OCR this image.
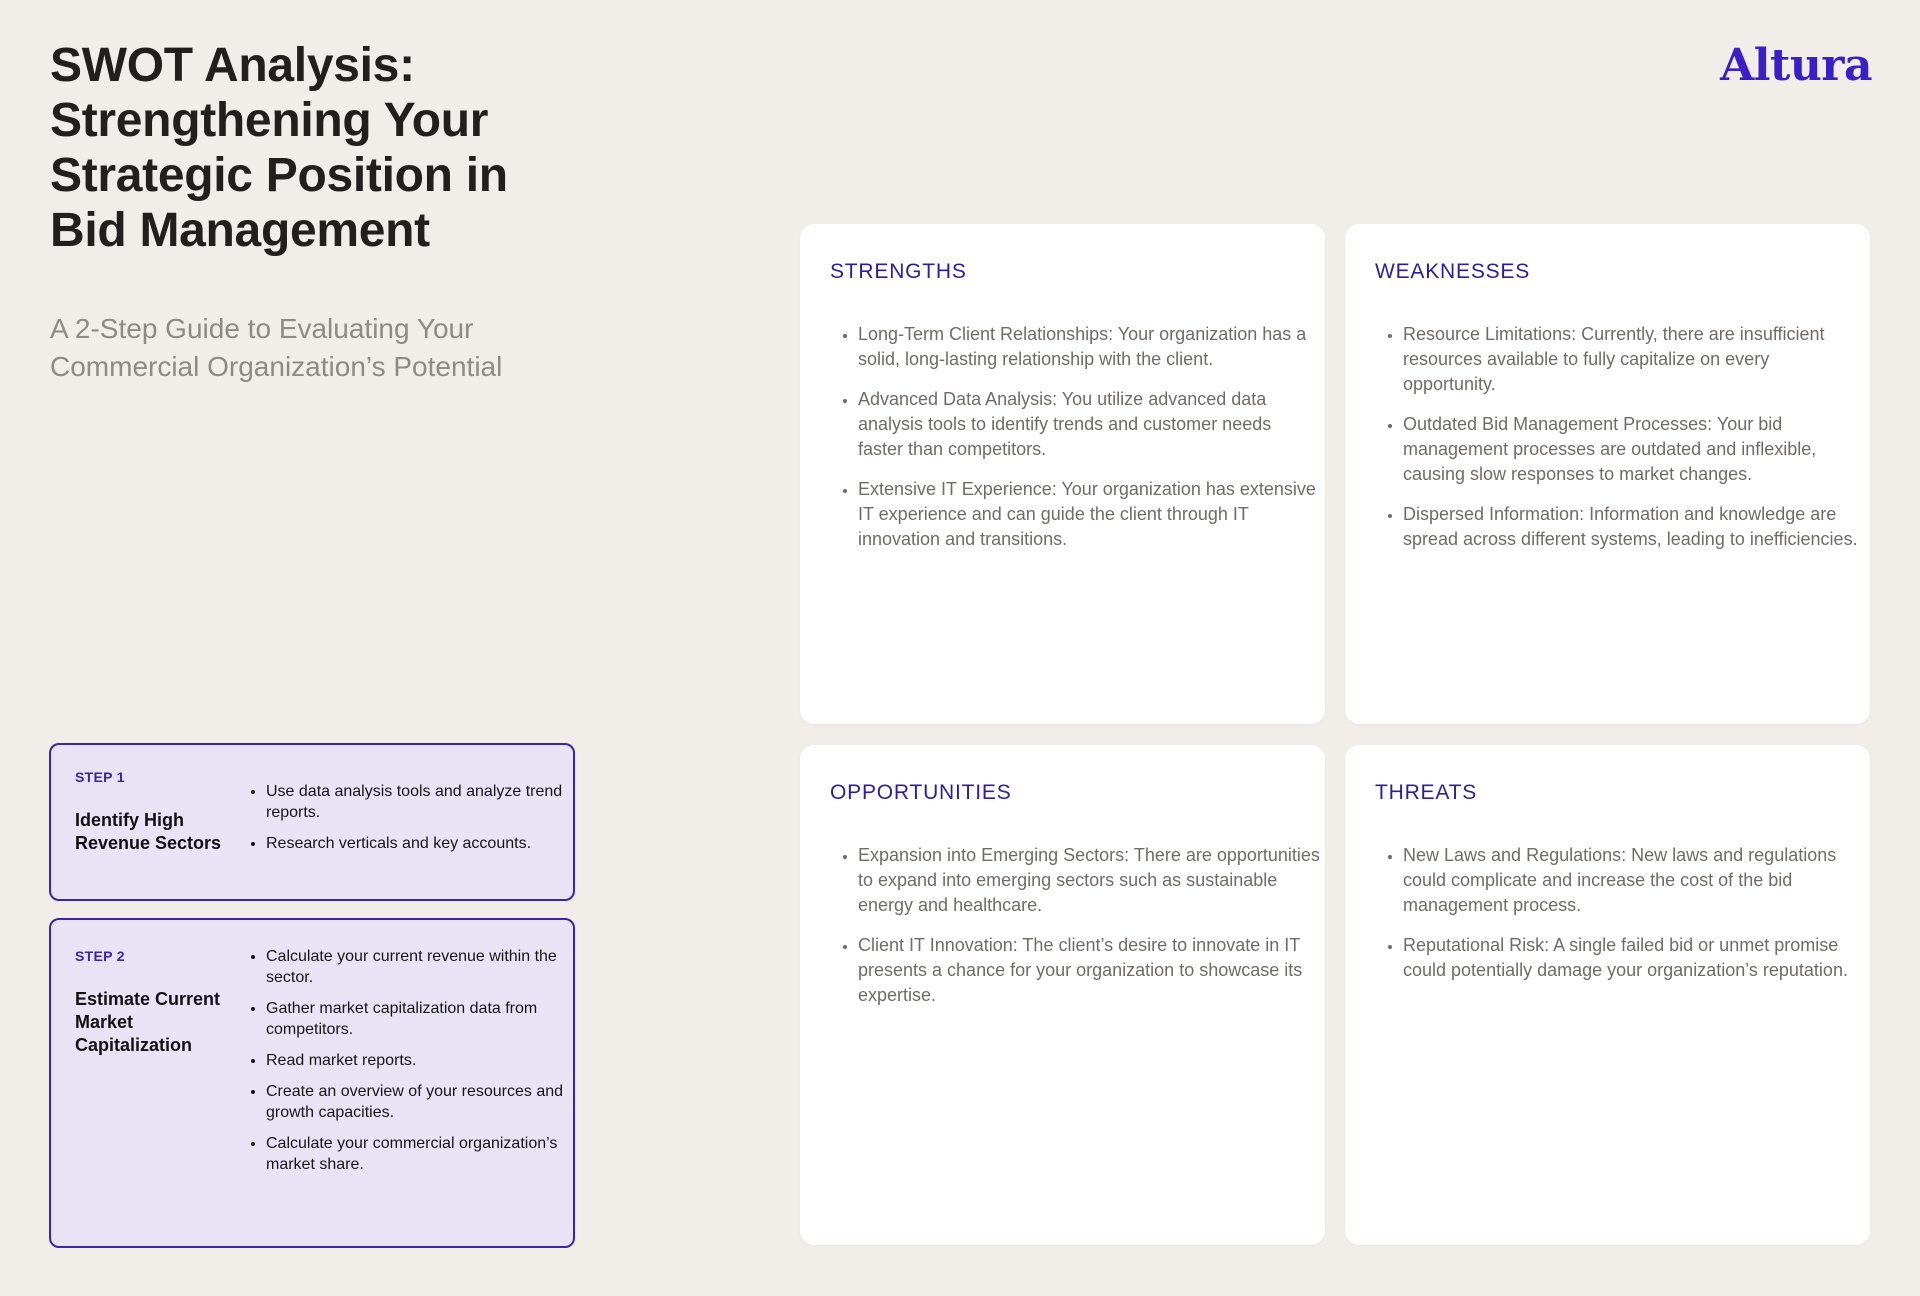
SWOT Analysis: Strengthening Your Strategic Position in Bid Management

A 2-Step Guide to Evaluating Your Commercial Organization’s Potential

Altura
STEP 1
Identify High Revenue Sectors
• Use data analysis tools and analyze trend reports.
• Research verticals and key accounts.
STEP 2
Estimate Current Market Capitalization
• Calculate your current revenue within the sector.
• Gather market capitalization data from competitors.
• Read market reports.
• Create an overview of your resources and growth capacities.
• Calculate your commercial organization’s market share.
STRENGTHS
• Long-Term Client Relationships: Your organization has a solid, long-lasting relationship with the client.
• Advanced Data Analysis: You utilize advanced data analysis tools to identify trends and customer needs faster than competitors.
• Extensive IT Experience: Your organization has extensive IT experience and can guide the client through IT innovation and transitions.
WEAKNESSES
• Resource Limitations: Currently, there are insufficient resources available to fully capitalize on every opportunity.
• Outdated Bid Management Processes: Your bid management processes are outdated and inflexible, causing slow responses to market changes.
• Dispersed Information: Information and knowledge are spread across different systems, leading to inefficiencies.
OPPORTUNITIES
• Expansion into Emerging Sectors: There are opportunities to expand into emerging sectors such as sustainable energy and healthcare.
• Client IT Innovation: The client’s desire to innovate in IT presents a chance for your organization to showcase its expertise.
THREATS
• New Laws and Regulations: New laws and regulations could complicate and increase the cost of the bid management process.
• Reputational Risk: A single failed bid or unmet promise could potentially damage your organization’s reputation.
